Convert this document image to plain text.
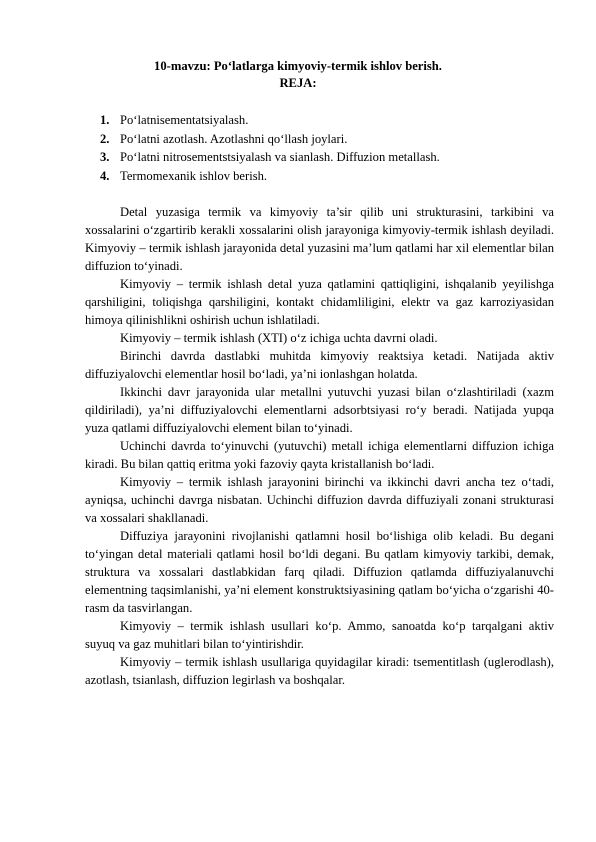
10-mavzu: Po‘latlarga kimyoviy-termik ishlov berish.
REJA:
1. Po‘latnisementatsiyalash.
2. Po‘latni azotlash. Azotlashni qo‘llash joylari.
3. Po‘latni nitrosementstsiyalash va sianlash. Diffuzion metallash.
4. Termomexanik ishlov berish.

Detal yuzasiga termik va kimyoviy ta’sir qilib uni strukturasini, tarkibini va xossalarini o‘zgartirib kerakli xossalarini olish jarayoniga kimyoviy-termik ishlash deyiladi. Kimyoviy – termik ishlash jarayonida detal yuzasini ma’lum qatlami har xil elementlar bilan diffuzion to‘yinadi.

Kimyoviy – termik ishlash detal yuza qatlamini qattiqligini, ishqalanib yeyilishga qarshiligini, toliqishga qarshiligini, kontakt chidamliligini, elektr va gaz karroziyasidan himoya qilinishlikni oshirish uchun ishlatiladi.

Kimyoviy – termik ishlash (XTI) o‘z ichiga uchta davrni oladi.

Birinchi davrda dastlabki muhitda kimyoviy reaktsiya ketadi. Natijada aktiv diffuziyalovchi elementlar hosil bo‘ladi, ya’ni ionlashgan holatda.

Ikkinchi davr jarayonida ular metallni yutuvchi yuzasi bilan o‘zlashtiriladi (xazm qildiriladi), ya’ni diffuziyalovchi elementlarni adsorbtsiyasi ro‘y beradi. Natijada yupqa yuza qatlami diffuziyalovchi element bilan to‘yinadi.

Uchinchi davrda to‘yinuvchi (yutuvchi) metall ichiga elementlarni diffuzion ichiga kiradi. Bu bilan qattiq eritma yoki fazoviy qayta kristallanish bo‘ladi.

Kimyoviy – termik ishlash jarayonini birinchi va ikkinchi davri ancha tez o‘tadi, ayniqsa, uchinchi davrga nisbatan. Uchinchi diffuzion davrda diffuziyali zonani strukturasi va xossalari shakllanadi.

Diffuziya jarayonini rivojlanishi qatlamni hosil bo‘lishiga olib keladi. Bu degani to‘yingan detal materiali qatlami hosil bo‘ldi degani. Bu qatlam kimyoviy tarkibi, demak, struktura va xossalari dastlabkidan farq qiladi. Diffuzion qatlamda diffuziyalanuvchi elementning taqsimlanishi, ya’ni element konstruktsiyasining qatlam bo‘yicha o‘zgarishi 40-rasm da tasvirlangan.

Kimyoviy – termik ishlash usullari ko‘p. Ammo, sanoatda ko‘p tarqalgani aktiv suyuq va gaz muhitlari bilan to‘yintirishdir.

Kimyoviy – termik ishlash usullariga quyidagilar kiradi: tsementitlash (uglerodlash), azotlash, tsianlash, diffuzion legirlash va boshqalar.
